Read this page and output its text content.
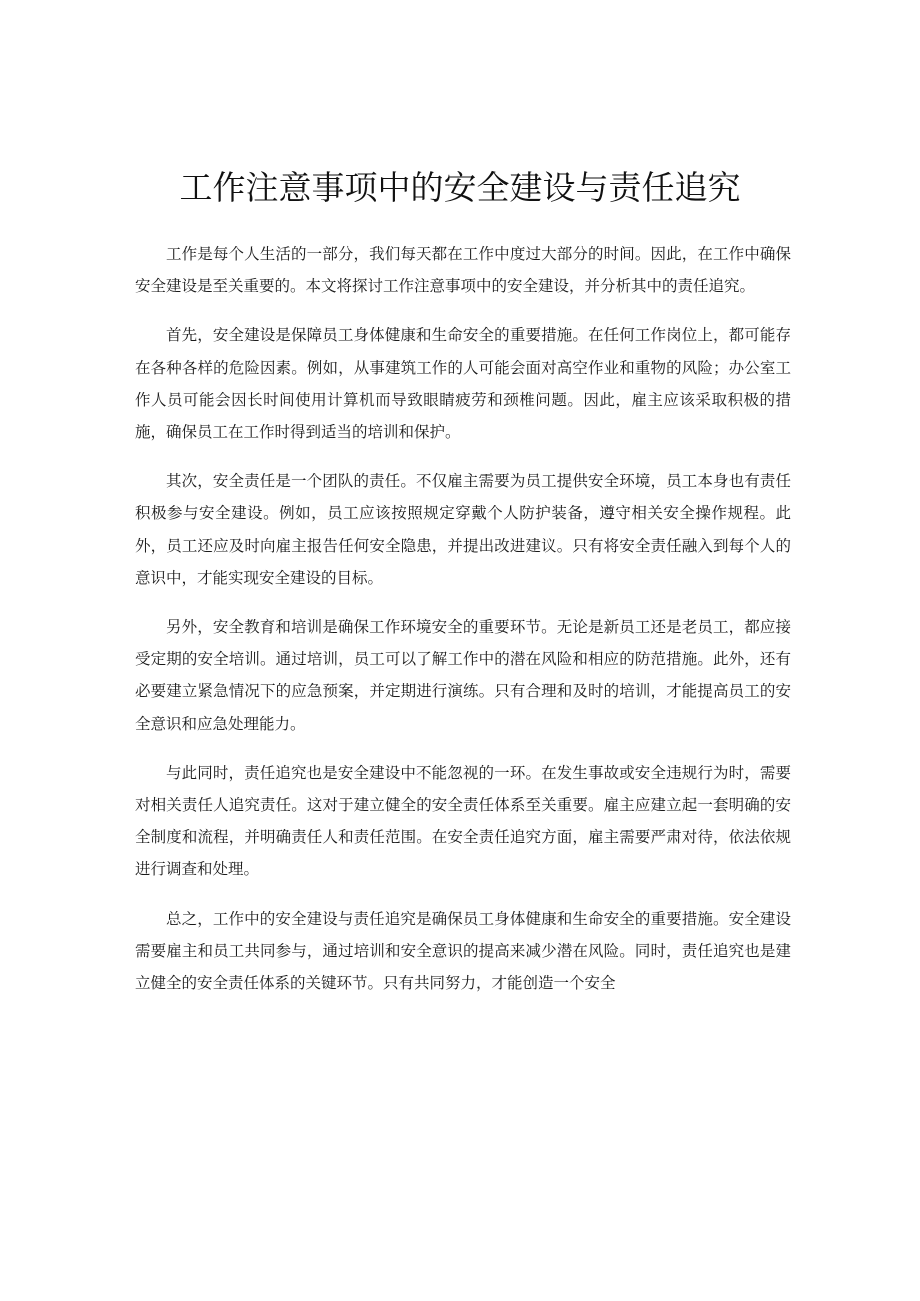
工作注意事项中的安全建设与责任追究

工作是每个人生活的一部分，我们每天都在工作中度过大部分的时间。因此，在工作中确保安全建设是至关重要的。本文将探讨工作注意事项中的安全建设，并分析其中的责任追究。

首先，安全建设是保障员工身体健康和生命安全的重要措施。在任何工作岗位上，都可能存在各种各样的危险因素。例如，从事建筑工作的人可能会面对高空作业和重物的风险；办公室工作人员可能会因长时间使用计算机而导致眼睛疲劳和颈椎问题。因此，雇主应该采取积极的措施，确保员工在工作时得到适当的培训和保护。

其次，安全责任是一个团队的责任。不仅雇主需要为员工提供安全环境，员工本身也有责任积极参与安全建设。例如，员工应该按照规定穿戴个人防护装备，遵守相关安全操作规程。此外，员工还应及时向雇主报告任何安全隐患，并提出改进建议。只有将安全责任融入到每个人的意识中，才能实现安全建设的目标。

另外，安全教育和培训是确保工作环境安全的重要环节。无论是新员工还是老员工，都应接受定期的安全培训。通过培训，员工可以了解工作中的潜在风险和相应的防范措施。此外，还有必要建立紧急情况下的应急预案，并定期进行演练。只有合理和及时的培训，才能提高员工的安全意识和应急处理能力。

与此同时，责任追究也是安全建设中不能忽视的一环。在发生事故或安全违规行为时，需要对相关责任人追究责任。这对于建立健全的安全责任体系至关重要。雇主应建立起一套明确的安全制度和流程，并明确责任人和责任范围。在安全责任追究方面，雇主需要严肃对待，依法依规进行调查和处理。

总之，工作中的安全建设与责任追究是确保员工身体健康和生命安全的重要措施。安全建设需要雇主和员工共同参与，通过培训和安全意识的提高来减少潜在风险。同时，责任追究也是建立健全的安全责任体系的关键环节。只有共同努力，才能创造一个安全
